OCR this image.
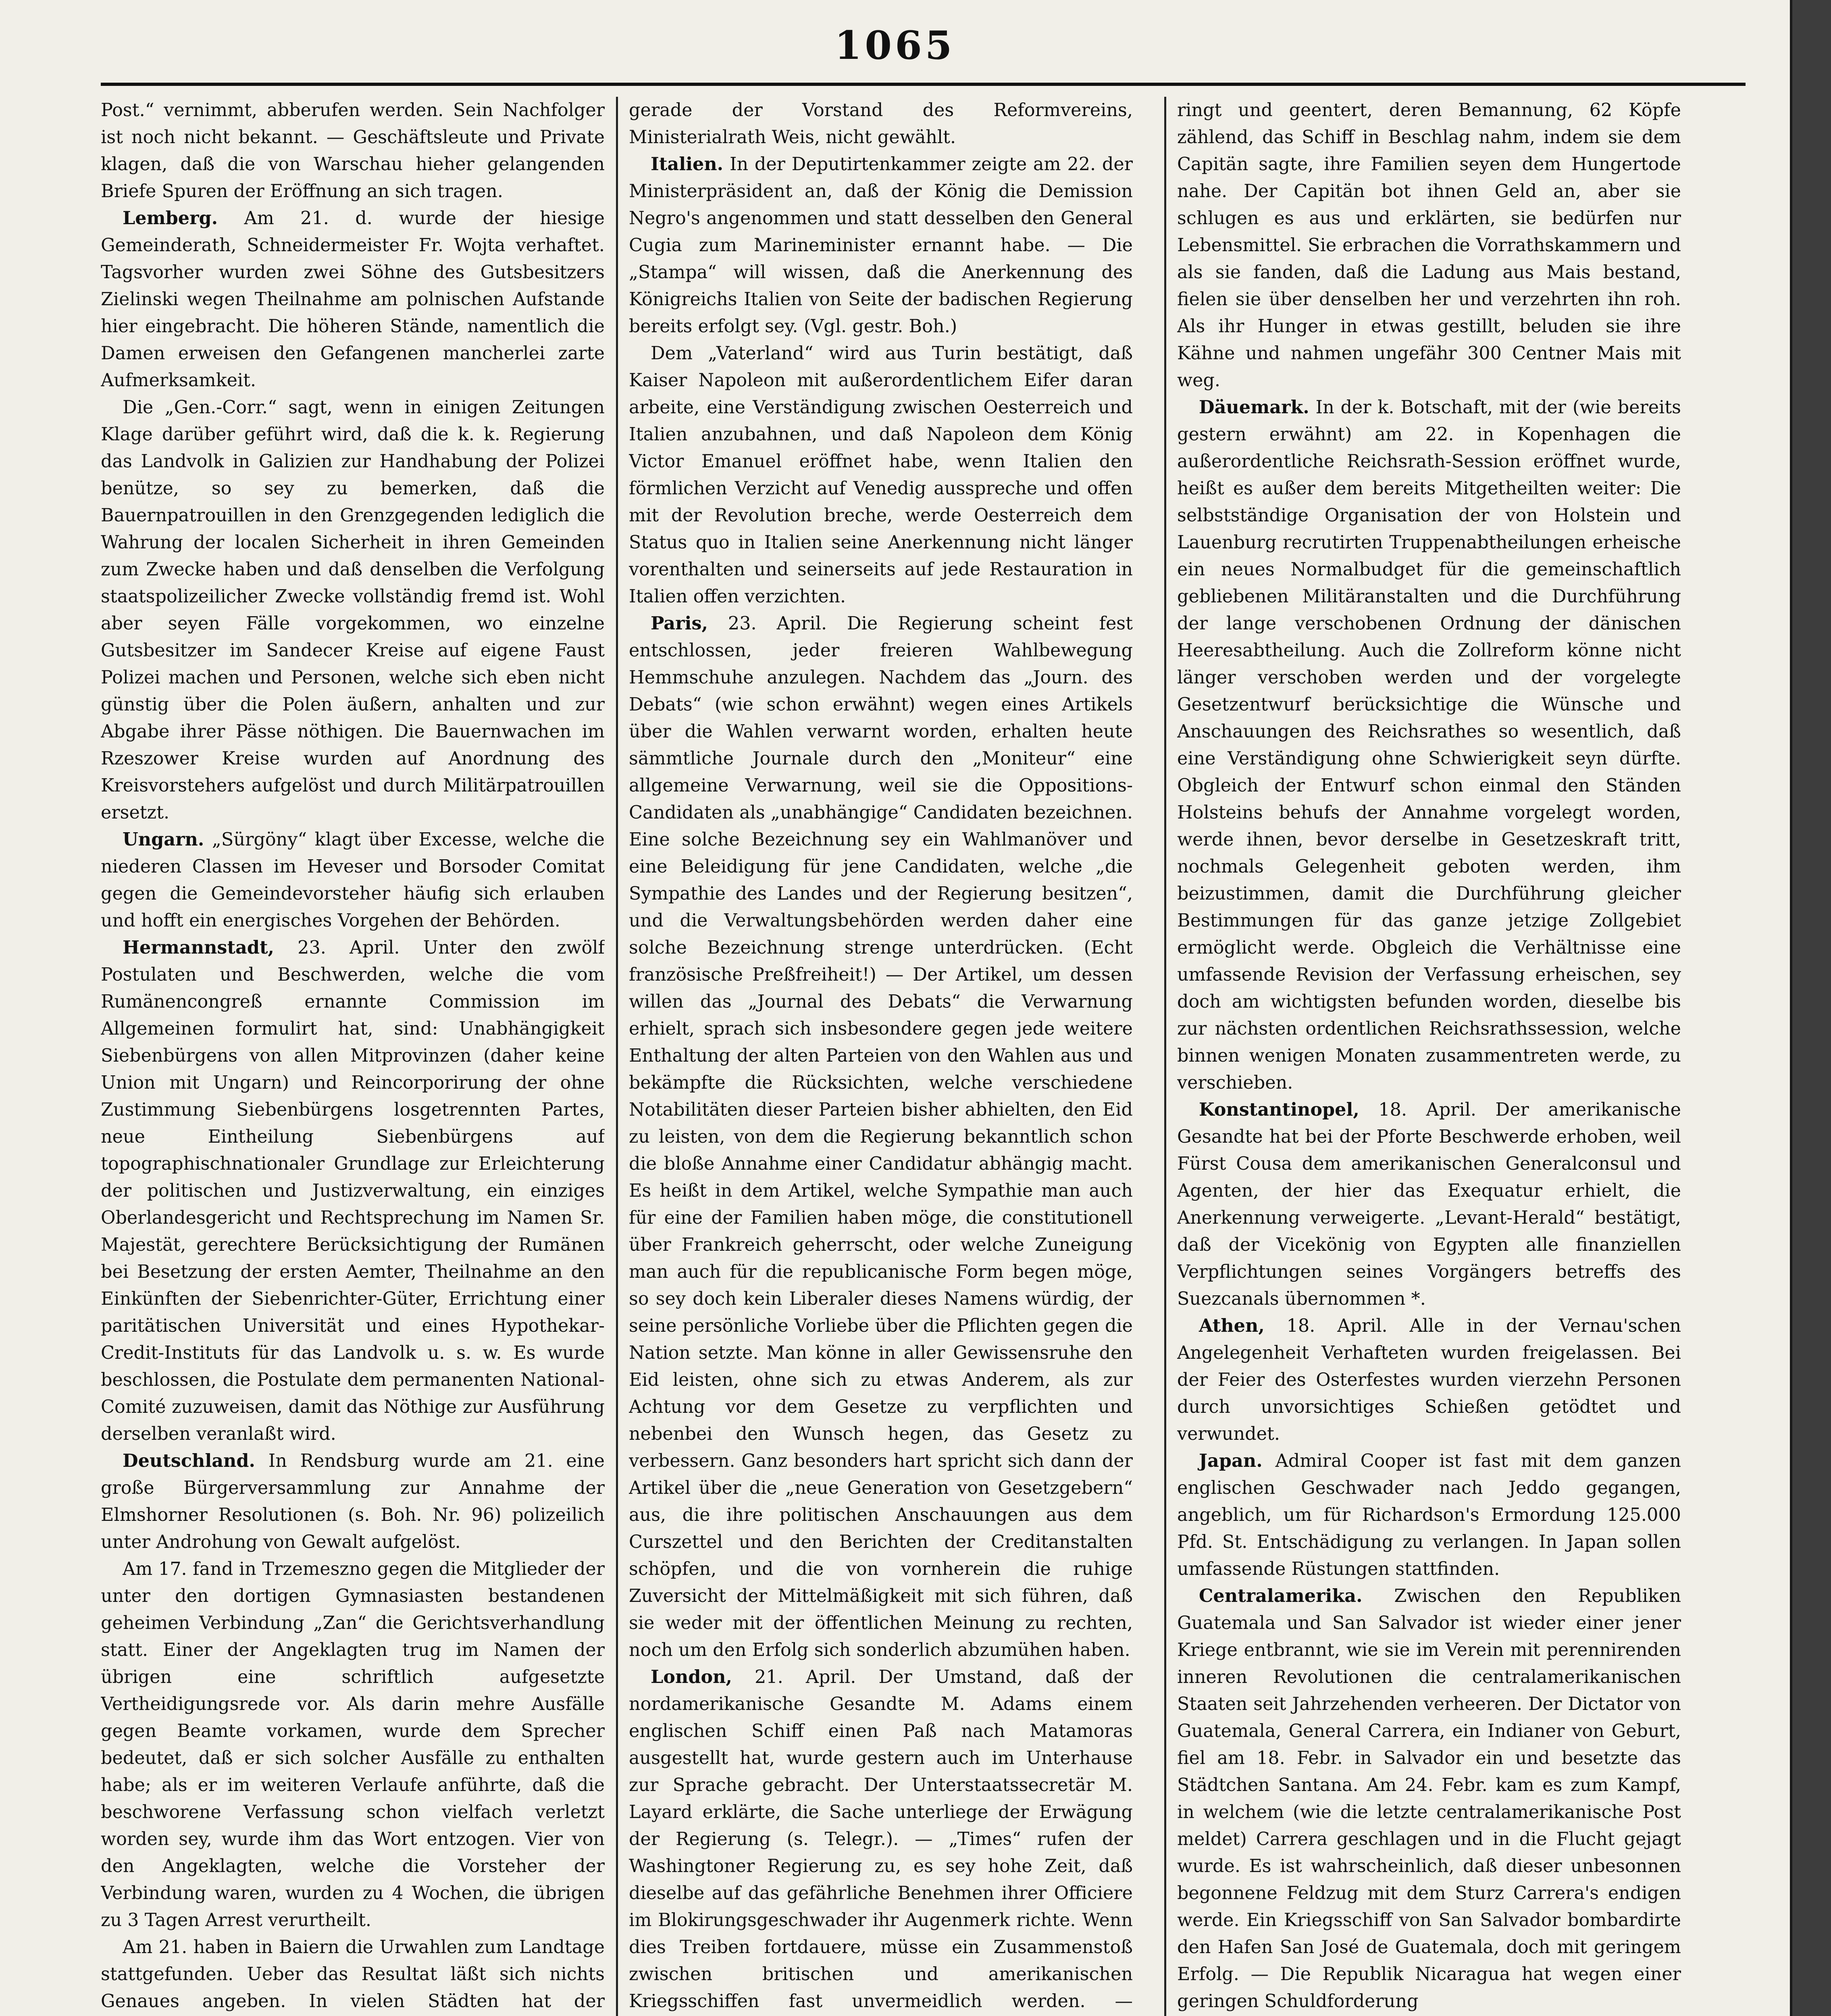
1065

Post.“ vernimmt, abberufen werden. Sein Nachfolger ist noch nicht bekannt. — Geschäftsleute und Private klagen, daß die von Warschau hieher gelangenden Briefe Spuren der Eröffnung an sich tragen.

Lemberg. Am 21. d. wurde der hiesige Gemeinderath, Schneidermeister Fr. Wojta verhaftet. Tagsvorher wurden zwei Söhne des Gutsbesitzers Zielinski wegen Theilnahme am polnischen Aufstande hier eingebracht. Die höheren Stände, namentlich die Damen erweisen den Gefangenen mancherlei zarte Aufmerksamkeit.

Die „Gen.-Corr.“ sagt, wenn in einigen Zeitungen Klage darüber geführt wird, daß die k. k. Regierung das Landvolk in Galizien zur Handhabung der Polizei benütze, so sey zu bemerken, daß die Bauernpatrouillen in den Grenzgegenden lediglich die Wahrung der localen Sicherheit in ihren Gemeinden zum Zwecke haben und daß denselben die Verfolgung staatspolizeilicher Zwecke vollständig fremd ist. Wohl aber seyen Fälle vorgekommen, wo einzelne Gutsbesitzer im Sandecer Kreise auf eigene Faust Polizei machen und Personen, welche sich eben nicht günstig über die Polen äußern, anhalten und zur Abgabe ihrer Pässe nöthigen. Die Bauernwachen im Rzeszower Kreise wurden auf Anordnung des Kreisvorstehers aufgelöst und durch Militärpatrouillen ersetzt.

Ungarn. „Sürgöny“ klagt über Excesse, welche die niederen Classen im Heveser und Borsoder Comitat gegen die Gemeindevorsteher häufig sich erlauben und hofft ein energisches Vorgehen der Behörden.

Hermannstadt, 23. April. Unter den zwölf Postulaten und Beschwerden, welche die vom Rumänencongreß ernannte Commission im Allgemeinen formulirt hat, sind: Unabhängigkeit Siebenbürgens von allen Mitprovinzen (daher keine Union mit Ungarn) und Reincorporirung der ohne Zustimmung Siebenbürgens losgetrennten Partes, neue Eintheilung Siebenbürgens auf topographischnationaler Grundlage zur Erleichterung der politischen und Justizverwaltung, ein einziges Oberlandesgericht und Rechtsprechung im Namen Sr. Majestät, gerechtere Berücksichtigung der Rumänen bei Besetzung der ersten Aemter, Theilnahme an den Einkünften der Siebenrichter-Güter, Errichtung einer paritätischen Universität und eines Hypothekar-Credit-Instituts für das Landvolk u. s. w. Es wurde beschlossen, die Postulate dem permanenten National-Comité zuzuweisen, damit das Nöthige zur Ausführung derselben veranlaßt wird.

Deutschland. In Rendsburg wurde am 21. eine große Bürgerversammlung zur Annahme der Elmshorner Resolutionen (s. Boh. Nr. 96) polizeilich unter Androhung von Gewalt aufgelöst.

Am 17. fand in Trzemeszno gegen die Mitglieder der unter den dortigen Gymnasiasten bestandenen geheimen Verbindung „Zan“ die Gerichtsverhandlung statt. Einer der Angeklagten trug im Namen der übrigen eine schriftlich aufgesetzte Vertheidigungsrede vor. Als darin mehre Ausfälle gegen Beamte vorkamen, wurde dem Sprecher bedeutet, daß er sich solcher Ausfälle zu enthalten habe; als er im weiteren Verlaufe anführte, daß die beschworene Verfassung schon vielfach verletzt worden sey, wurde ihm das Wort entzogen. Vier von den Angeklagten, welche die Vorsteher der Verbindung waren, wurden zu 4 Wochen, die übrigen zu 3 Tagen Arrest verurtheilt.

Am 21. haben in Baiern die Urwahlen zum Landtage stattgefunden. Ueber das Resultat läßt sich nichts Genaues angeben. In vielen Städten hat der

gerade der Vorstand des Reformvereins, Ministerialrath Weis, nicht gewählt.

Italien. In der Deputirtenkammer zeigte am 22. der Ministerpräsident an, daß der König die Demission Negro's angenommen und statt desselben den General Cugia zum Marineminister ernannt habe. — Die „Stampa“ will wissen, daß die Anerkennung des Königreichs Italien von Seite der badischen Regierung bereits erfolgt sey. (Vgl. gestr. Boh.)

Dem „Vaterland“ wird aus Turin bestätigt, daß Kaiser Napoleon mit außerordentlichem Eifer daran arbeite, eine Verständigung zwischen Oesterreich und Italien anzubahnen, und daß Napoleon dem König Victor Emanuel eröffnet habe, wenn Italien den förmlichen Verzicht auf Venedig ausspreche und offen mit der Revolution breche, werde Oesterreich dem Status quo in Italien seine Anerkennung nicht länger vorenthalten und seinerseits auf jede Restauration in Italien offen verzichten.

Paris, 23. April. Die Regierung scheint fest entschlossen, jeder freieren Wahlbewegung Hemmschuhe anzulegen. Nachdem das „Journ. des Debats“ (wie schon erwähnt) wegen eines Artikels über die Wahlen verwarnt worden, erhalten heute sämmtliche Journale durch den „Moniteur“ eine allgemeine Verwarnung, weil sie die Oppositions-Candidaten als „unabhängige“ Candidaten bezeichnen. Eine solche Bezeichnung sey ein Wahlmanöver und eine Beleidigung für jene Candidaten, welche „die Sympathie des Landes und der Regierung besitzen“, und die Verwaltungsbehörden werden daher eine solche Bezeichnung strenge unterdrücken. (Echt französische Preßfreiheit!) — Der Artikel, um dessen willen das „Journal des Debats“ die Verwarnung erhielt, sprach sich insbesondere gegen jede weitere Enthaltung der alten Parteien von den Wahlen aus und bekämpfte die Rücksichten, welche verschiedene Notabilitäten dieser Parteien bisher abhielten, den Eid zu leisten, von dem die Regierung bekanntlich schon die bloße Annahme einer Candidatur abhängig macht. Es heißt in dem Artikel, welche Sympathie man auch für eine der Familien haben möge, die constitutionell über Frankreich geherrscht, oder welche Zuneigung man auch für die republicanische Form begen möge, so sey doch kein Liberaler dieses Namens würdig, der seine persönliche Vorliebe über die Pflichten gegen die Nation setzte. Man könne in aller Gewissensruhe den Eid leisten, ohne sich zu etwas Anderem, als zur Achtung vor dem Gesetze zu verpflichten und nebenbei den Wunsch hegen, das Gesetz zu verbessern. Ganz besonders hart spricht sich dann der Artikel über die „neue Generation von Gesetzgebern“ aus, die ihre politischen Anschauungen aus dem Curszettel und den Berichten der Creditanstalten schöpfen, und die von vornherein die ruhige Zuversicht der Mittelmäßigkeit mit sich führen, daß sie weder mit der öffentlichen Meinung zu rechten, noch um den Erfolg sich sonderlich abzumühen haben.

London, 21. April. Der Umstand, daß der nordamerikanische Gesandte M. Adams einem englischen Schiff einen Paß nach Matamoras ausgestellt hat, wurde gestern auch im Unterhause zur Sprache gebracht. Der Unterstaatssecretär M. Layard erklärte, die Sache unterliege der Erwägung der Regierung (s. Telegr.). — „Times“ rufen der Washingtoner Regierung zu, es sey hohe Zeit, daß dieselbe auf das gefährliche Benehmen ihrer Officiere im Blokirungsgeschwader ihr Augenmerk richte. Wenn dies Treiben fortdauere, müsse ein Zusammenstoß zwischen britischen und amerikanischen Kriegsschiffen fast unvermeidlich werden. —

ringt und geentert, deren Bemannung, 62 Köpfe zählend, das Schiff in Beschlag nahm, indem sie dem Capitän sagte, ihre Familien seyen dem Hungertode nahe. Der Capitän bot ihnen Geld an, aber sie schlugen es aus und erklärten, sie bedürfen nur Lebensmittel. Sie erbrachen die Vorrathskammern und als sie fanden, daß die Ladung aus Mais bestand, fielen sie über denselben her und verzehrten ihn roh. Als ihr Hunger in etwas gestillt, beluden sie ihre Kähne und nahmen ungefähr 300 Centner Mais mit weg.

Däuemark. In der k. Botschaft, mit der (wie bereits gestern erwähnt) am 22. in Kopenhagen die außerordentliche Reichsrath-Session eröffnet wurde, heißt es außer dem bereits Mitgetheilten weiter: Die selbstständige Organisation der von Holstein und Lauenburg recrutirten Truppenabtheilungen erheische ein neues Normalbudget für die gemeinschaftlich gebliebenen Militäranstalten und die Durchführung der lange verschobenen Ordnung der dänischen Heeresabtheilung. Auch die Zollreform könne nicht länger verschoben werden und der vorgelegte Gesetzentwurf berücksichtige die Wünsche und Anschauungen des Reichsrathes so wesentlich, daß eine Verständigung ohne Schwierigkeit seyn dürfte. Obgleich der Entwurf schon einmal den Ständen Holsteins behufs der Annahme vorgelegt worden, werde ihnen, bevor derselbe in Gesetzeskraft tritt, nochmals Gelegenheit geboten werden, ihm beizustimmen, damit die Durchführung gleicher Bestimmungen für das ganze jetzige Zollgebiet ermöglicht werde. Obgleich die Verhältnisse eine umfassende Revision der Verfassung erheischen, sey doch am wichtigsten befunden worden, dieselbe bis zur nächsten ordentlichen Reichsrathssession, welche binnen wenigen Monaten zusammentreten werde, zu verschieben.

Konstantinopel, 18. April. Der amerikanische Gesandte hat bei der Pforte Beschwerde erhoben, weil Fürst Cousa dem amerikanischen Generalconsul und Agenten, der hier das Exequatur erhielt, die Anerkennung verweigerte. „Levant-Herald“ bestätigt, daß der Vicekönig von Egypten alle finanziellen Verpflichtungen seines Vorgängers betreffs des Suezcanals übernommen *.

Athen, 18. April. Alle in der Vernau'schen Angelegenheit Verhafteten wurden freigelassen. Bei der Feier des Osterfestes wurden vierzehn Personen durch unvorsichtiges Schießen getödtet und verwundet.

Japan. Admiral Cooper ist fast mit dem ganzen englischen Geschwader nach Jeddo gegangen, angeblich, um für Richardson's Ermordung 125.000 Pfd. St. Entschädigung zu verlangen. In Japan sollen umfassende Rüstungen stattfinden.

Centralamerika. Zwischen den Republiken Guatemala und San Salvador ist wieder einer jener Kriege entbrannt, wie sie im Verein mit perennirenden inneren Revolutionen die centralamerikanischen Staaten seit Jahrzehenden verheeren. Der Dictator von Guatemala, General Carrera, ein Indianer von Geburt, fiel am 18. Febr. in Salvador ein und besetzte das Städtchen Santana. Am 24. Febr. kam es zum Kampf, in welchem (wie die letzte centralamerikanische Post meldet) Carrera geschlagen und in die Flucht gejagt wurde. Es ist wahrscheinlich, daß dieser unbesonnen begonnene Feldzug mit dem Sturz Carrera's endigen werde. Ein Kriegsschiff von San Salvador bombardirte den Hafen San José de Guatemala, doch mit geringem Erfolg. — Die Republik Nicaragua hat wegen einer geringen Schuldforderung
